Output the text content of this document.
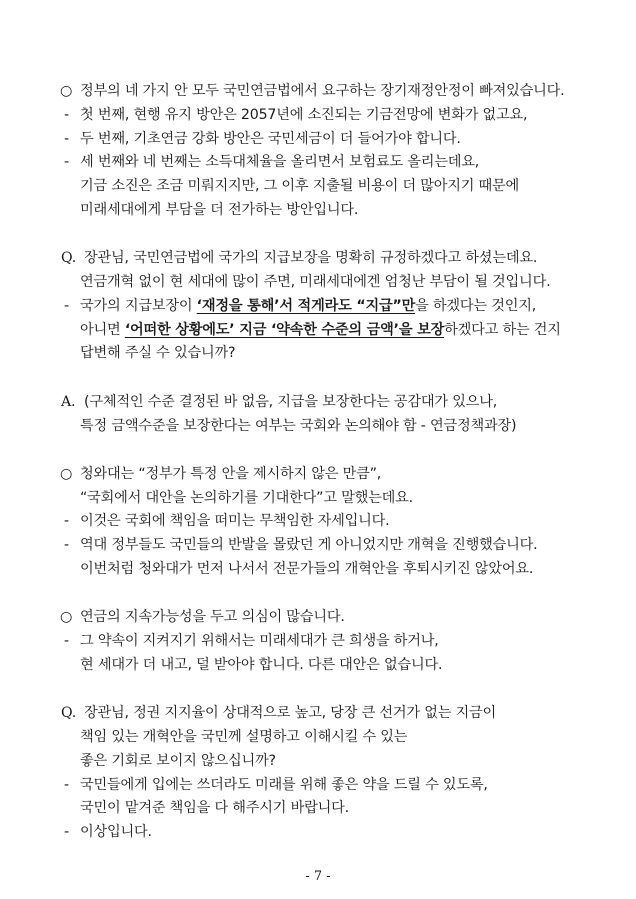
○ 정부의 네 가지 안 모두 국민연금법에서 요구하는 장기재정안정이 빠져있습니다.
- 첫 번째, 현행 유지 방안은 2057년에 소진되는 기금전망에 변화가 없고요,
- 두 번째, 기초연금 강화 방안은 국민세금이 더 들어가야 합니다.
- 세 번째와 네 번째는 소득대체율을 올리면서 보험료도 올리는데요,
기금 소진은 조금 미뤄지지만, 그 이후 지출될 비용이 더 많아지기 때문에
미래세대에게 부담을 더 전가하는 방안입니다.
Q. 장관님, 국민연금법에 국가의 지급보장을 명확히 규정하겠다고 하셨는데요.
연금개혁 없이 현 세대에 많이 주면, 미래세대에겐 엄청난 부담이 될 것입니다.
- 국가의 지급보장이 ‘재정을 통해’서 적게라도 “지급”만을 하겠다는 것인지,
아니면 ‘어떠한 상황에도’ 지금 ‘약속한 수준의 금액’을 보장하겠다고 하는 건지
답변해 주실 수 있습니까?
A. (구체적인 수준 결정된 바 없음, 지급을 보장한다는 공감대가 있으나,
특정 금액수준을 보장한다는 여부는 국회와 논의해야 함 - 연금정책과장)
○ 청와대는 “정부가 특정 안을 제시하지 않은 만큼”,
“국회에서 대안을 논의하기를 기대한다”고 말했는데요.
- 이것은 국회에 책임을 떠미는 무책임한 자세입니다.
- 역대 정부들도 국민들의 반발을 몰랐던 게 아니었지만 개혁을 진행했습니다.
이번처럼 청와대가 먼저 나서서 전문가들의 개혁안을 후퇴시키진 않았어요.
○ 연금의 지속가능성을 두고 의심이 많습니다.
- 그 약속이 지켜지기 위해서는 미래세대가 큰 희생을 하거나,
현 세대가 더 내고, 덜 받아야 합니다. 다른 대안은 없습니다.
Q. 장관님, 정권 지지율이 상대적으로 높고, 당장 큰 선거가 없는 지금이
책임 있는 개혁안을 국민께 설명하고 이해시킬 수 있는
좋은 기회로 보이지 않으십니까?
- 국민들에게 입에는 쓰더라도 미래를 위해 좋은 약을 드릴 수 있도록,
국민이 맡겨준 책임을 다 해주시기 바랍니다.
- 이상입니다.
- 7 -
